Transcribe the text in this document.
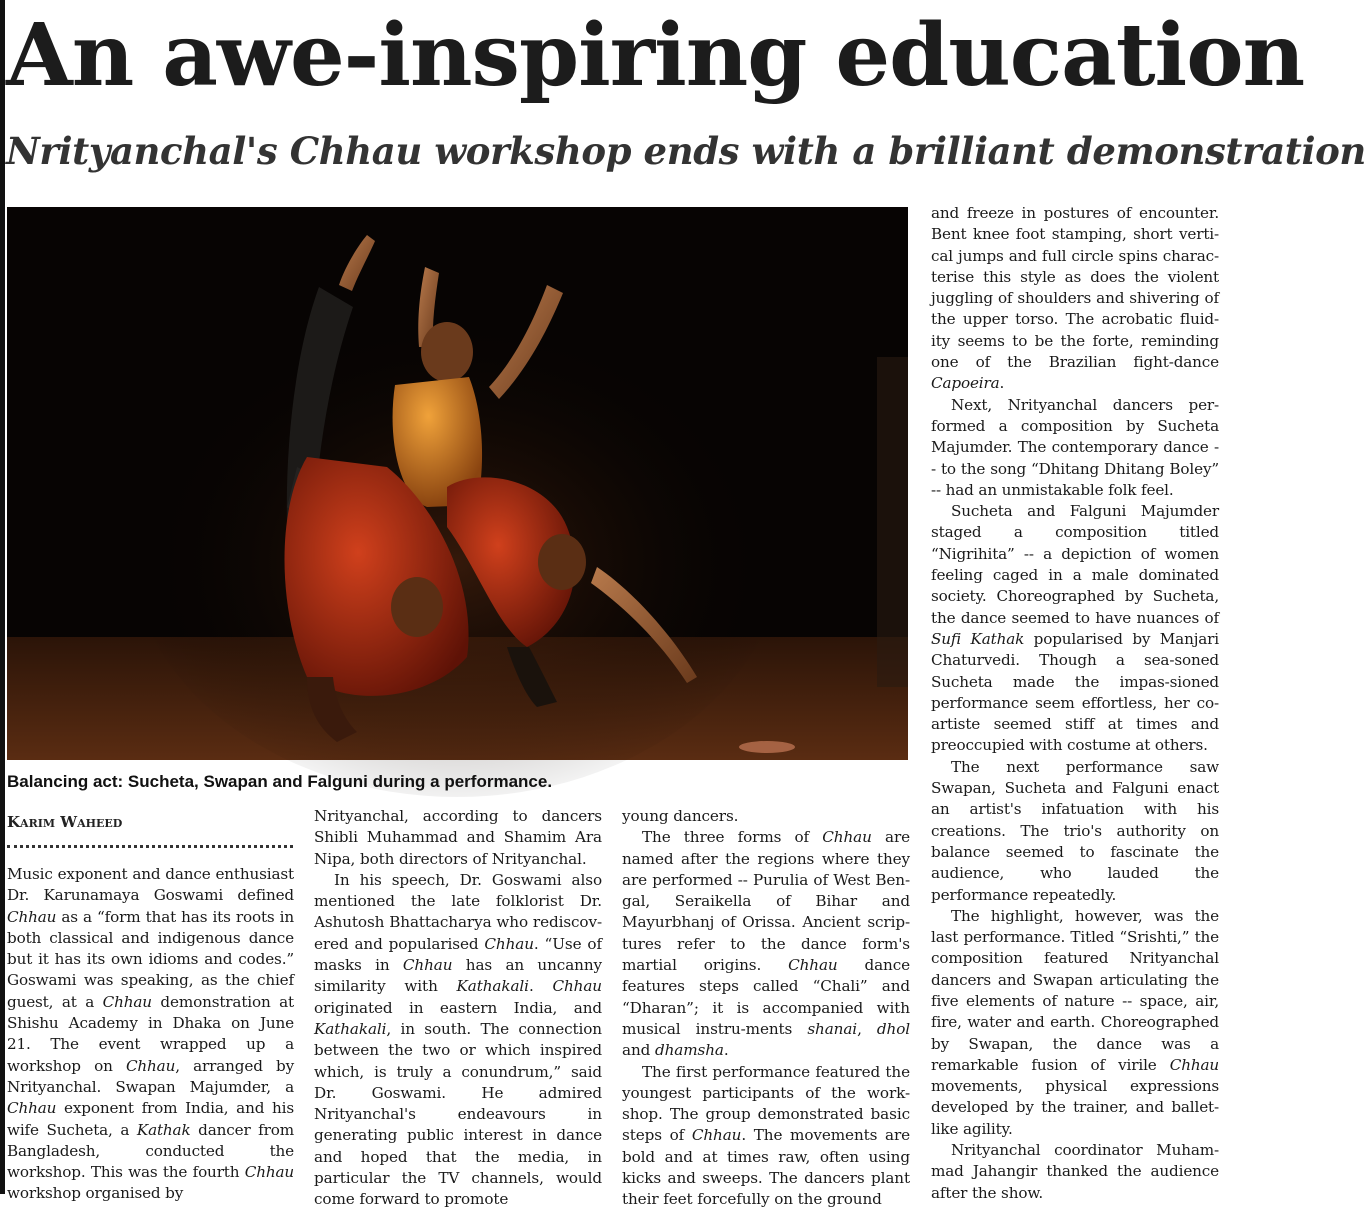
An awe-inspiring education
Nrityanchal's Chhau workshop ends with a brilliant demonstration
Balancing act: Sucheta, Swapan and Falguni during a performance.
Karim Waheed

Music exponent and dance enthusiast Dr. Karunamaya Goswami defined Chhau as a “form that has its roots in both classical and indigenous dance but it has its own idioms and codes.” Goswami was speaking, as the chief guest, at a Chhau demonstration at Shishu Academy in Dhaka on June 21. The event wrapped up a workshop on Chhau, arranged by Nrityanchal. Swapan Majumder, a Chhau exponent from India, and his wife Sucheta, a Kathak dancer from Bangladesh, conducted the workshop. This was the fourth Chhau workshop organised by

Nrityanchal, according to dancers Shibli Muhammad and Shamim Ara Nipa, both directors of Nrityanchal.

In his speech, Dr. Goswami also mentioned the late folklorist Dr. Ashutosh Bhattacharya who rediscov-ered and popularised Chhau. “Use of masks in Chhau has an uncanny similarity with Kathakali. Chhau originated in eastern India, and Kathakali, in south. The connection between the two or which inspired which, is truly a conundrum,” said Dr. Goswami. He admired Nrityanchal's endeavours in generating public interest in dance and hoped that the media, in particular the TV channels, would come forward to promote

young dancers.

The three forms of Chhau are named after the regions where they are performed -- Purulia of West Ben-gal, Seraikella of Bihar and Mayurbhanj of Orissa. Ancient scrip-tures refer to the dance form's martial origins. Chhau dance features steps called “Chali” and “Dharan”; it is accompanied with musical instru-ments shanai, dhol and dhamsha.

The first performance featured the youngest participants of the work-shop. The group demonstrated basic steps of Chhau. The movements are bold and at times raw, often using kicks and sweeps. The dancers plant their feet forcefully on the ground

and freeze in postures of encounter. Bent knee foot stamping, short verti-cal jumps and full circle spins charac-terise this style as does the violent juggling of shoulders and shivering of the upper torso. The acrobatic fluid-ity seems to be the forte, reminding one of the Brazilian fight-dance Capoeira.

Next, Nrityanchal dancers per-formed a composition by Sucheta Majumder. The contemporary dance -- to the song “Dhitang Dhitang Boley” -- had an unmistakable folk feel.

Sucheta and Falguni Majumder staged a composition titled “Nigrihita” -- a depiction of women feeling caged in a male dominated society. Choreographed by Sucheta, the dance seemed to have nuances of Sufi Kathak popularised by Manjari Chaturvedi. Though a sea-soned Sucheta made the impas-sioned performance seem effortless, her co-artiste seemed stiff at times and preoccupied with costume at others.

The next performance saw Swapan, Sucheta and Falguni enact an artist's infatuation with his creations. The trio's authority on balance seemed to fascinate the audience, who lauded the performance repeatedly.

The highlight, however, was the last performance. Titled “Srishti,” the composition featured Nrityanchal dancers and Swapan articulating the five elements of nature -- space, air, fire, water and earth. Choreographed by Swapan, the dance was a remarkable fusion of virile Chhau movements, physical expressions developed by the trainer, and ballet-like agility.

Nrityanchal coordinator Muham-mad Jahangir thanked the audience after the show.
